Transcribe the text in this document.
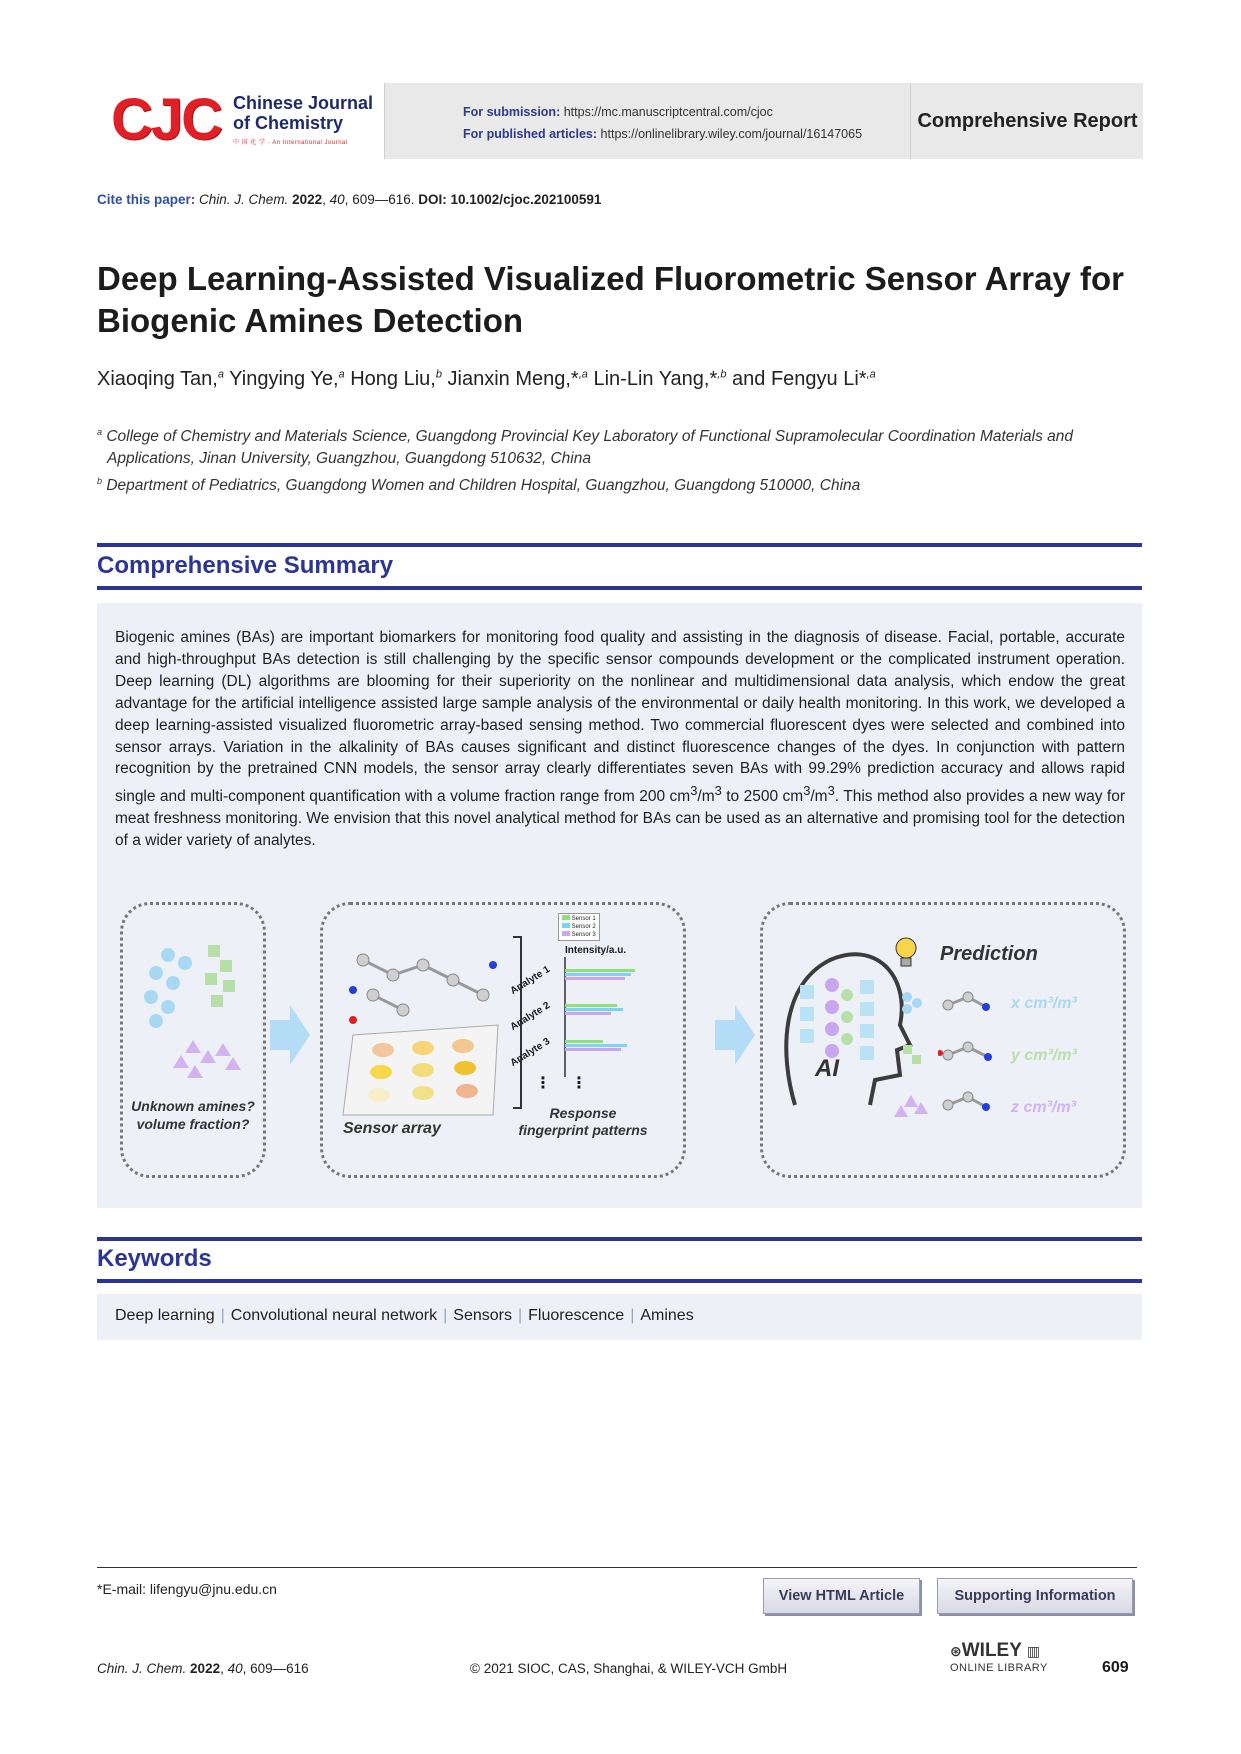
CJC Chinese Journal
of Chemistry
中 国 化 学 · An International Journal
For submission: https://mc.manuscriptcentral.com/cjoc
For published articles: https://onlinelibrary.wiley.com/journal/16147065
Comprehensive Report
Cite this paper: Chin. J. Chem. 2022, 40, 609—616. DOI: 10.1002/cjoc.202100591
Deep Learning-Assisted Visualized Fluorometric Sensor Array for
Biogenic Amines Detection
Xiaoqing Tan,$^a$ Yingying Ye,$^a$ Hong Liu,$^b$ Jianxin Meng,*$^{,a}$ Lin-Lin Yang,*$^{,b}$ and Fengyu Li*$^{,a}$
$^a$ College of Chemistry and Materials Science, Guangdong Provincial Key Laboratory of Functional Supramolecular Coordination Materials and Applications, Jinan University, Guangzhou, Guangdong 510632, China
$^b$ Department of Pediatrics, Guangdong Women and Children Hospital, Guangzhou, Guangdong 510000, China
Comprehensive Summary
Biogenic amines (BAs) are important biomarkers for monitoring food quality and assisting in the diagnosis of disease. Facial, portable, accurate and high-throughput BAs detection is still challenging by the specific sensor compounds development or the complicated instrument operation. Deep learning (DL) algorithms are blooming for their superiority on the nonlinear and multidimensional data analysis, which endow the great advantage for the artificial intelligence assisted large sample analysis of the environmental or daily health monitoring. In this work, we developed a deep learning-assisted visualized fluorometric array-based sensing method. Two commercial fluorescent dyes were selected and combined into sensor arrays. Variation in the alkalinity of BAs causes significant and distinct fluorescence changes of the dyes. In conjunction with pattern recognition by the pretrained CNN models, the sensor array clearly differentiates seven BAs with 99.29% prediction accuracy and allows rapid single and multi-component quantification with a volume fraction range from 200 $cm^3/m^3$ to 2500 $cm^3/m^3$. This method also provides a new way for meat freshness monitoring. We envision that this novel analytical method for BAs can be used as an alternative and promising tool for the detection of a wider variety of analytes.
Unknown amines? volume fraction?
Sensor 1
Sensor 2
Sensor 3
Intensity/a.u.
Analyte 1
Analyte 2
Analyte 3
⋮⋮
Sensor array
Response
fingerprint patterns
AI
Prediction
x cm³/m³
y cm³/m³
z cm³/m³
Keywords
Deep learning | Convolutional neural network | Sensors | Fluorescence | Amines
*E-mail: lifengyu@jnu.edu.cn	View HTML Article	Supporting Information
Chin. J. Chem. 2022, 40, 609—616	© 2021 SIOC, CAS, Shanghai, & WILEY-VCH GmbH
⊛WILEY ▥
ONLINE LIBRARY	609
